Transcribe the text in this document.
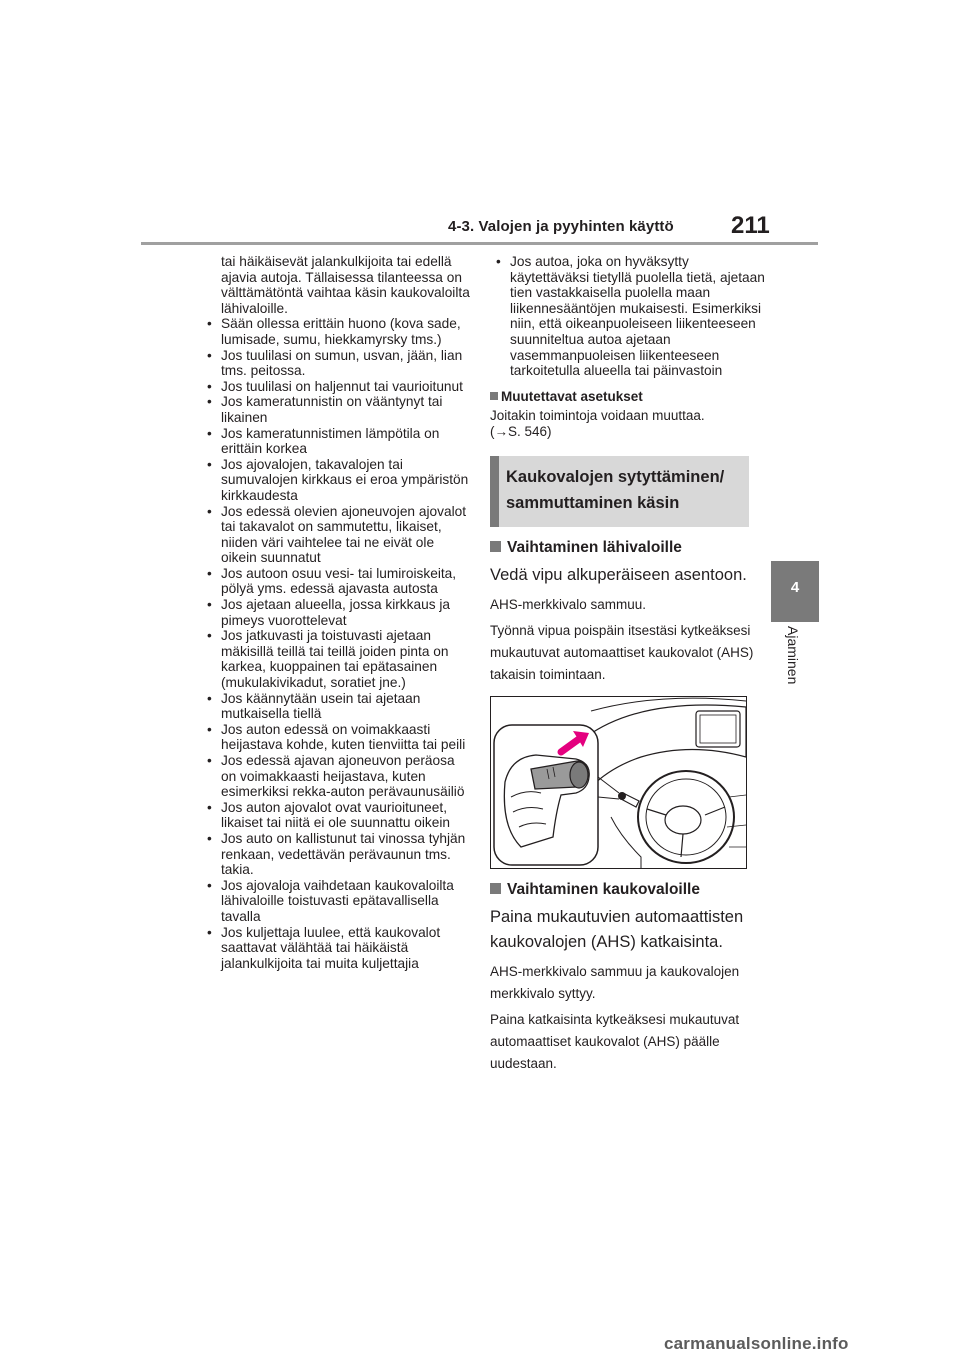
4-3. Valojen ja pyyhinten käyttö 211
4
Ajaminen

tai häikäisevät jalankulkijoita tai edellä ajavia autoja. Tällaisessa tilanteessa on välttämätöntä vaihtaa käsin kaukovaloilta lähivaloille.

• Sään ollessa erittäin huono (kova sade, lumisade, sumu, hiekkamyrsky tms.)
• Jos tuulilasi on sumun, usvan, jään, lian tms. peitossa.
• Jos tuulilasi on haljennut tai vaurioitunut
• Jos kameratunnistin on vääntynyt tai likainen
• Jos kameratunnistimen lämpötila on erittäin korkea
• Jos ajovalojen, takavalojen tai sumuvalojen kirkkaus ei eroa ympäristön kirkkaudesta
• Jos edessä olevien ajoneuvojen ajovalot tai takavalot on sammutettu, likaiset, niiden väri vaihtelee tai ne eivät ole oikein suunnatut
• Jos autoon osuu vesi- tai lumiroiskeita, pölyä yms. edessä ajavasta autosta
• Jos ajetaan alueella, jossa kirkkaus ja pimeys vuorottelevat
• Jos jatkuvasti ja toistuvasti ajetaan mäkisillä teillä tai teillä joiden pinta on karkea, kuoppainen tai epätasainen (mukulakivikadut, soratiet jne.)
• Jos käännytään usein tai ajetaan mutkaisella tiellä
• Jos auton edessä on voimakkaasti heijastava kohde, kuten tienviitta tai peili
• Jos edessä ajavan ajoneuvon peräosa on voimakkaasti heijastava, kuten esimerkiksi rekka-auton perävaunusäiliö
• Jos auton ajovalot ovat vaurioituneet, likaiset tai niitä ei ole suunnattu oikein
• Jos auto on kallistunut tai vinossa tyhjän renkaan, vedettävän perävaunun tms. takia.
• Jos ajovaloja vaihdetaan kaukovaloilta lähivaloille toistuvasti epätavallisella tavalla
• Jos kuljettaja luulee, että kaukovalot saattavat välähtää tai häikäistä jalankulkijoita tai muita kuljettajia
• Jos autoa, joka on hyväksytty käytettäväksi tietyllä puolella tietä, ajetaan tien vastakkaisella puolella maan liikennesääntöjen mukaisesti. Esimerkiksi niin, että oikeanpuoleiseen liikenteeseen suunniteltua autoa ajetaan vasemmanpuoleisen liikenteeseen tarkoitetulla alueella tai päinvastoin
Muutettavat asetukset
Joitakin toimintoja voidaan muuttaa.
(→S. 546)
Kaukovalojen sytyttäminen/
sammuttaminen käsin
Vaihtaminen lähivaloille
Vedä vipu alkuperäiseen asentoon.
AHS-merkkivalo sammuu.
Työnnä vipua poispäin itsestäsi kytkeäksesi mukautuvat automaattiset kaukovalot (AHS) takaisin toimintaan.
Vaihtaminen kaukovaloille
Paina mukautuvien automaattisten kaukovalojen (AHS) katkaisinta.
AHS-merkkivalo sammuu ja kaukovalojen merkkivalo syttyy.
Paina katkaisinta kytkeäksesi mukautuvat automaattiset kaukovalot (AHS) päälle uudestaan.
carmanualsonline.info
